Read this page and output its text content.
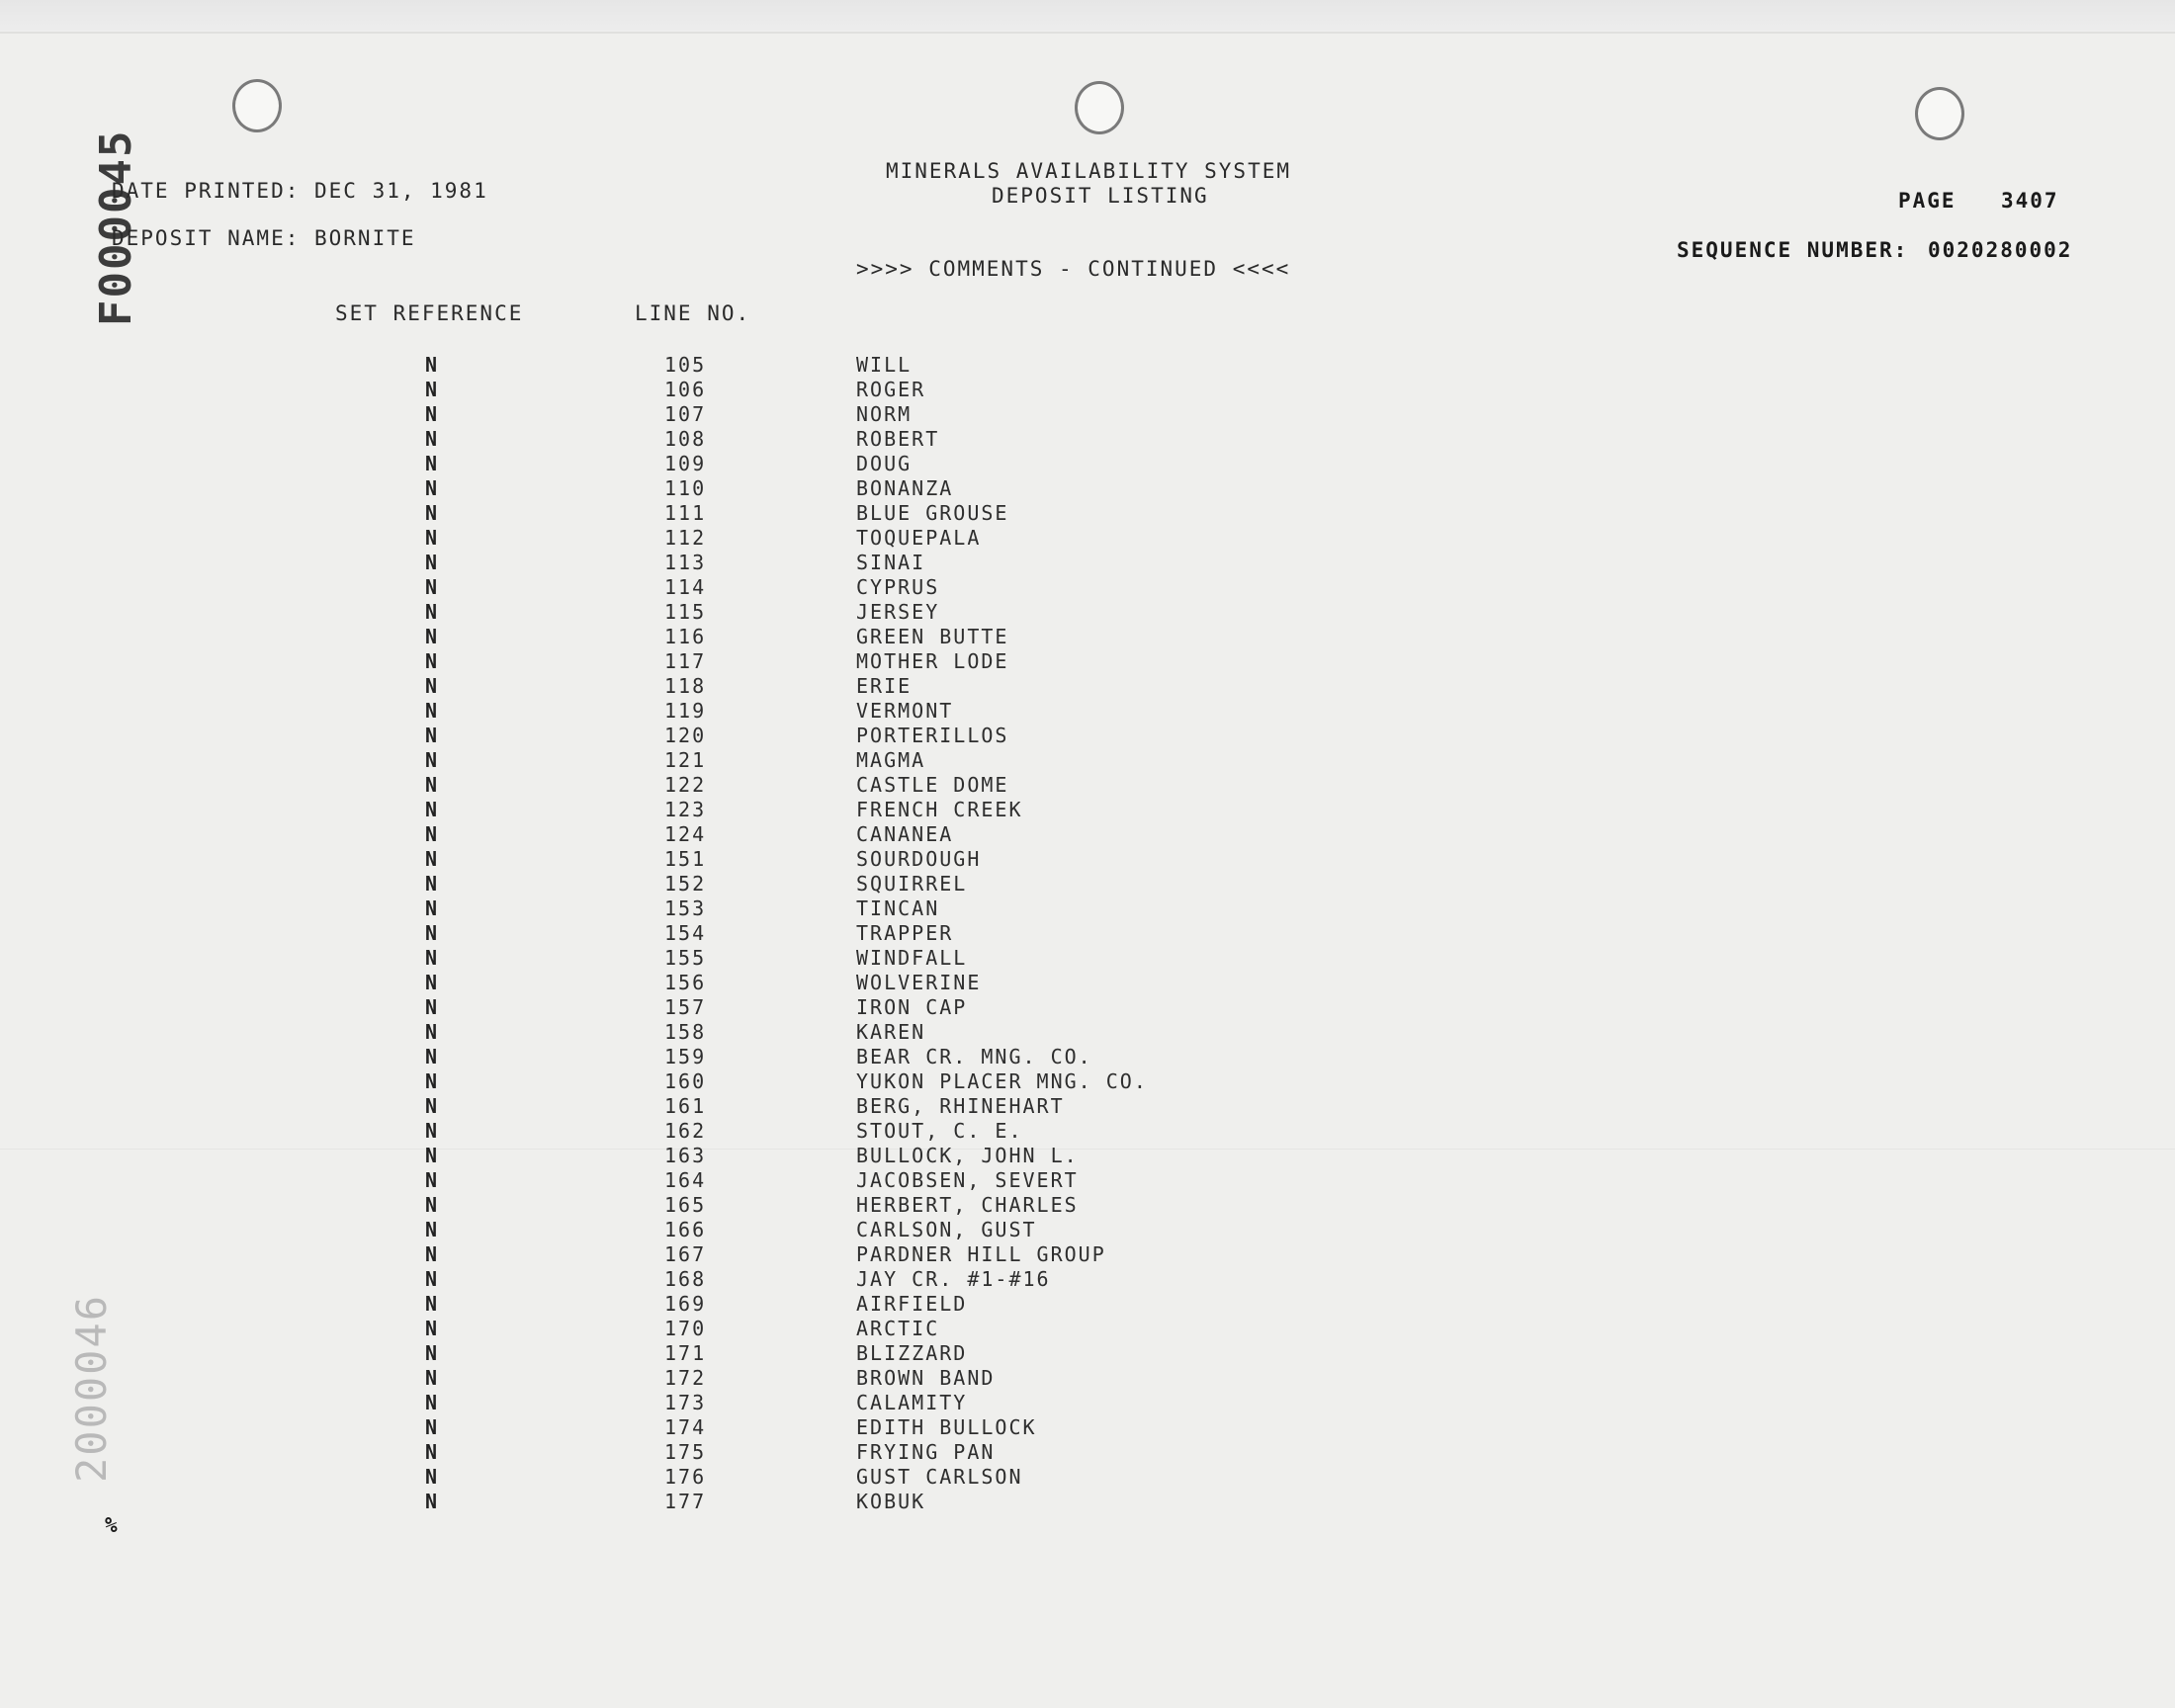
F000045
2000046
MINERALS AVAILABILITY SYSTEM
DEPOSIT LISTING
DATE PRINTED: DEC 31, 1981
DEPOSIT NAME: BORNITE
PAGE 3407
SEQUENCE NUMBER: 0020280002
>>>> COMMENTS - CONTINUED <<<<
SET REFERENCE	LINE NO.
N	105	WILL
N	106	ROGER
N	107	NORM
N	108	ROBERT
N	109	DOUG
N	110	BONANZA
N	111	BLUE GROUSE
N	112	TOQUEPALA
N	113	SINAI
N	114	CYPRUS
N	115	JERSEY
N	116	GREEN BUTTE
N	117	MOTHER LODE
N	118	ERIE
N	119	VERMONT
N	120	PORTERILLOS
N	121	MAGMA
N	122	CASTLE DOME
N	123	FRENCH CREEK
N	124	CANANEA
N	151	SOURDOUGH
N	152	SQUIRREL
N	153	TINCAN
N	154	TRAPPER
N	155	WINDFALL
N	156	WOLVERINE
N	157	IRON CAP
N	158	KAREN
N	159	BEAR CR. MNG. CO.
N	160	YUKON PLACER MNG. CO.
N	161	BERG, RHINEHART
N	162	STOUT, C. E.
N	163	BULLOCK, JOHN L.
N	164	JACOBSEN, SEVERT
N	165	HERBERT, CHARLES
N	166	CARLSON, GUST
N	167	PARDNER HILL GROUP
N	168	JAY CR. #1-#16
N	169	AIRFIELD
N	170	ARCTIC
N	171	BLIZZARD
N	172	BROWN BAND
N	173	CALAMITY
N	174	EDITH BULLOCK
N	175	FRYING PAN
N	176	GUST CARLSON
N	177	KOBUK
%
